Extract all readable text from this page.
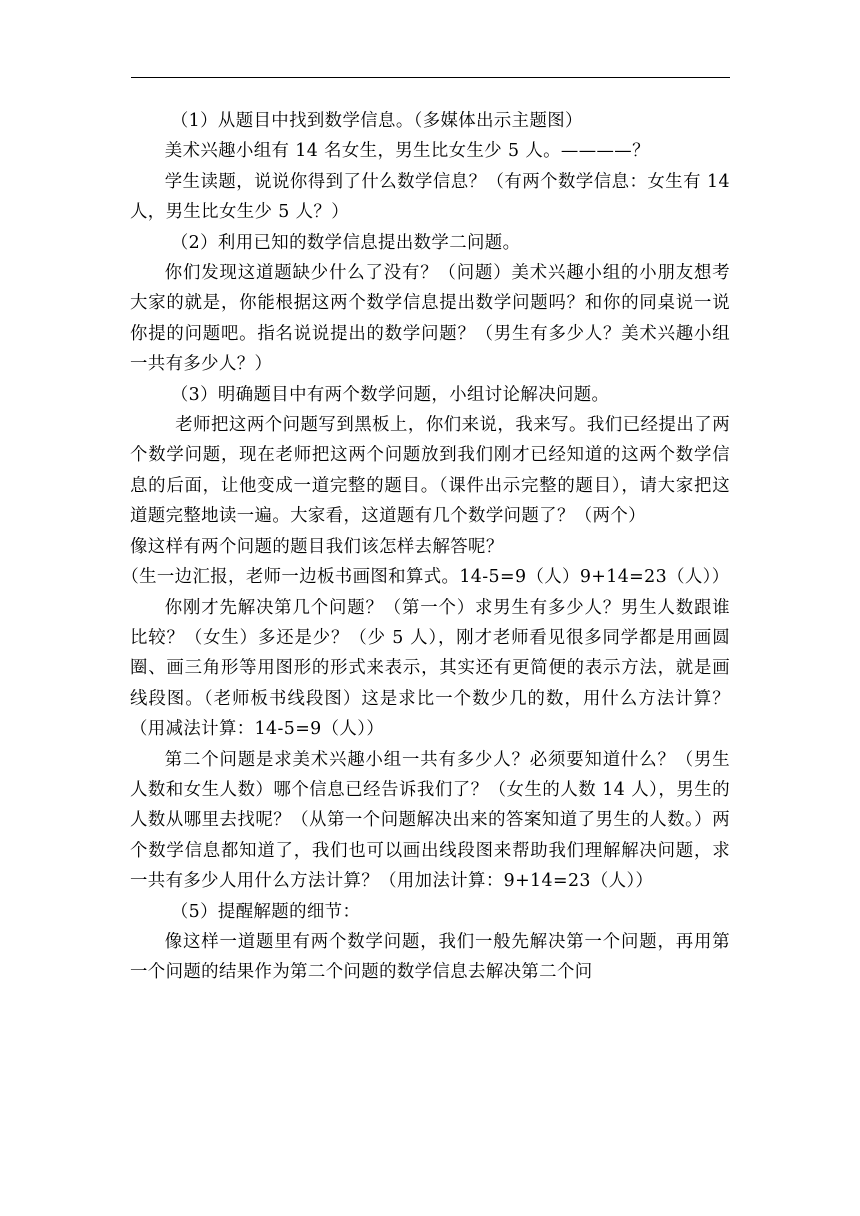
（1）从题目中找到数学信息。（多媒体出示主题图）

美术兴趣小组有 14 名女生，男生比女生少 5 人。————？

学生读题，说说你得到了什么数学信息？（有两个数学信息：女生有 14 人，男生比女生少 5 人？）

（2）利用已知的数学信息提出数学二问题。

你们发现这道题缺少什么了没有？（问题）美术兴趣小组的小朋友想考大家的就是，你能根据这两个数学信息提出数学问题吗？和你的同桌说一说你提的问题吧。指名说说提出的数学问题？（男生有多少人？美术兴趣小组一共有多少人？）

（3）明确题目中有两个数学问题，小组讨论解决问题。

老师把这两个问题写到黑板上，你们来说，我来写。我们已经提出了两个数学问题，现在老师把这两个问题放到我们刚才已经知道的这两个数学信息的后面，让他变成一道完整的题目。（课件出示完整的题目），请大家把这道题完整地读一遍。大家看，这道题有几个数学问题了？（两个）

像这样有两个问题的题目我们该怎样去解答呢？

（生一边汇报，老师一边板书画图和算式。14-5=9（人）9+14=23（人））

你刚才先解决第几个问题？（第一个）求男生有多少人？男生人数跟谁比较？（女生）多还是少？（少 5 人），刚才老师看见很多同学都是用画圆圈、画三角形等用图形的形式来表示，其实还有更简便的表示方法，就是画线段图。（老师板书线段图）这是求比一个数少几的数，用什么方法计算？（用减法计算：14-5=9（人））

第二个问题是求美术兴趣小组一共有多少人？必须要知道什么？（男生人数和女生人数）哪个信息已经告诉我们了？（女生的人数 14 人），男生的人数从哪里去找呢？（从第一个问题解决出来的答案知道了男生的人数。）两个数学信息都知道了，我们也可以画出线段图来帮助我们理解解决问题，求一共有多少人用什么方法计算？（用加法计算：9+14=23（人））

（5）提醒解题的细节：

像这样一道题里有两个数学问题，我们一般先解决第一个问题，再用第一个问题的结果作为第二个问题的数学信息去解决第二个问
